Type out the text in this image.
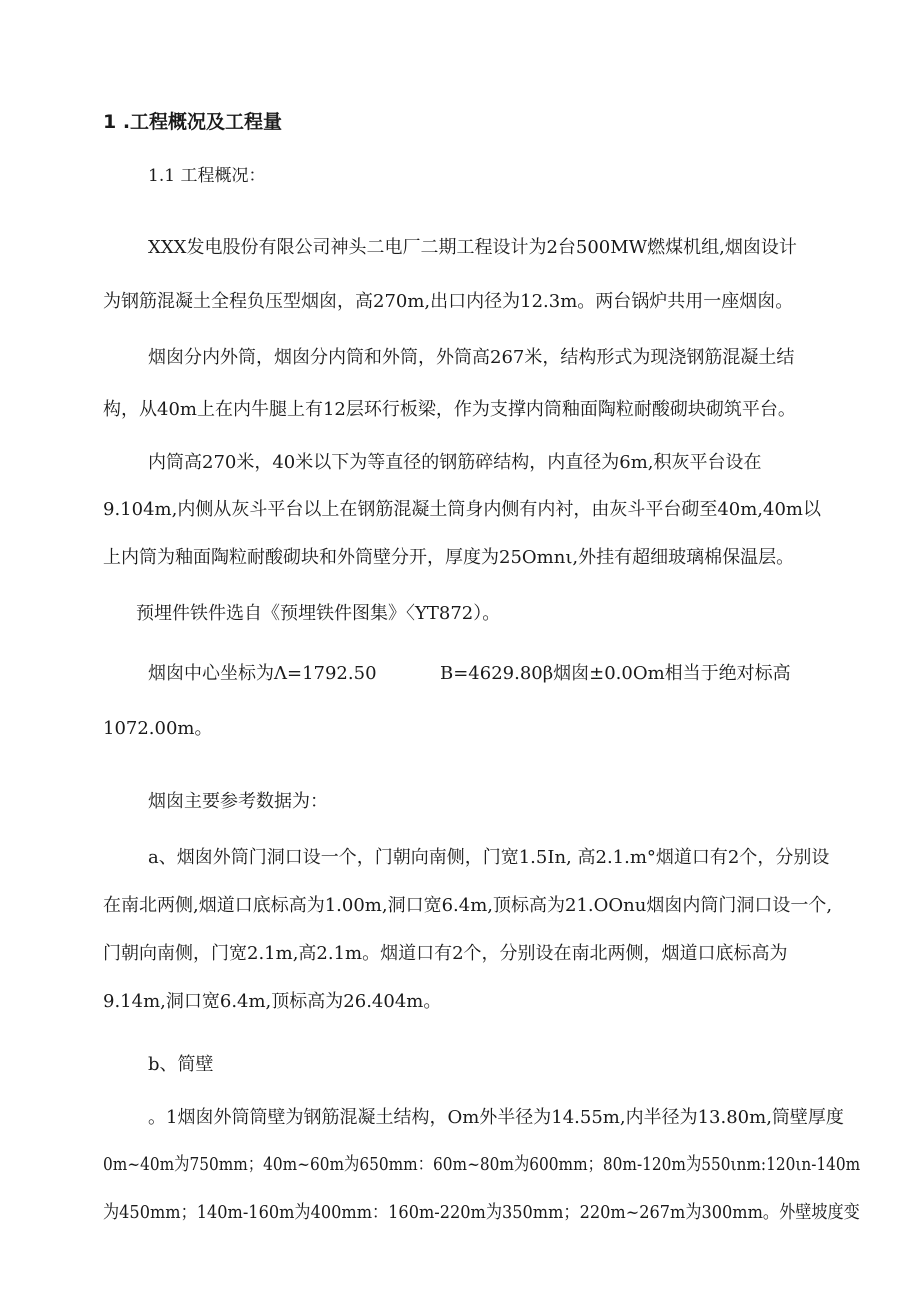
1 .工程概况及工程量
1.1 工程概况：
XXX发电股份有限公司神头二电厂二期工程设计为2台500MW燃煤机组,烟囱设计
为钢筋混凝土全程负压型烟囱，高270m,出口内径为12.3m。两台锅炉共用一座烟囱。
烟囱分内外筒，烟囱分内筒和外筒，外筒高267米，结构形式为现浇钢筋混凝土结
构，从40m上在内牛腿上有12层环行板梁，作为支撑内筒釉面陶粒耐酸砌块砌筑平台。
内筒高270米，40米以下为等直径的钢筋碎结构，内直径为6m,积灰平台设在
9.104m,内侧从灰斗平台以上在钢筋混凝土筒身内侧有内衬，由灰斗平台砌至40m,40m以
上内筒为釉面陶粒耐酸砌块和外筒壁分开，厚度为25Omnι,外挂有超细玻璃棉保温层。
预埋件铁件选自《预埋铁件图集》〈YT872）。
烟囱中心坐标为Λ=1792.50	B=4629.80β烟囱±0.0Om相当于绝对标高
1072.00m。
烟囱主要参考数据为：
a、烟囱外筒门洞口设一个，门朝向南侧，门宽1.5In, 高2.1.m°烟道口有2个，分别设
在南北两侧,烟道口底标高为1.00m,洞口宽6.4m,顶标高为21.OOnu烟囱内筒门洞口设一个,
门朝向南侧，门宽2.1m,高2.1m。烟道口有2个，分别设在南北两侧，烟道口底标高为
9.14m,洞口宽6.4m,顶标高为26.404m。
b、简壁
。1烟囱外筒筒壁为钢筋混凝土结构，Om外半径为14.55m,内半径为13.80m,筒壁厚度
0m~40m为750mm；40m~60m为650mm：60m~80m为600mm；80m-120m为550ιnm:120ιn-140m
为450mm；140m-160m为400mm：160m-220m为350mm；220m~267m为300mm。外壁坡度变
